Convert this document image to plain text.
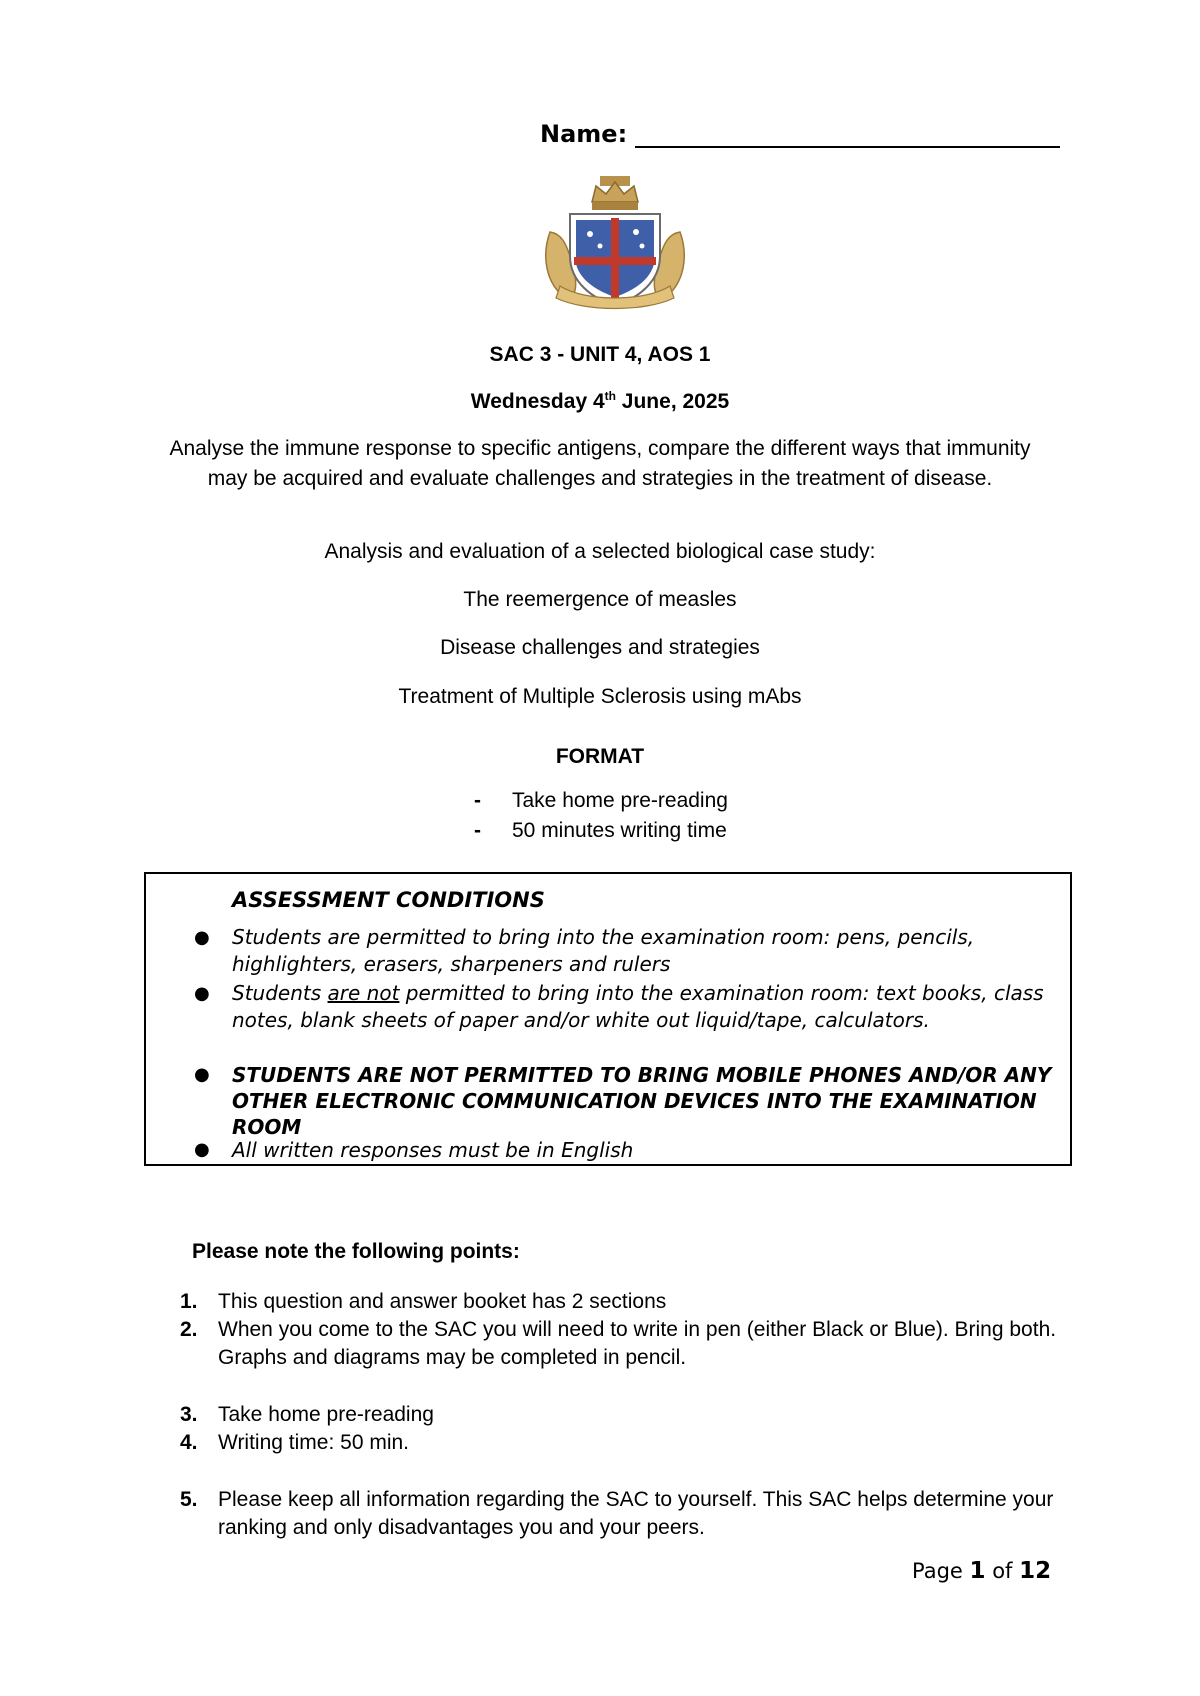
Name:
SAC 3 - UNIT 4, AOS 1
Wednesday 4th June, 2025
Analyse the immune response to specific antigens, compare the different ways that immunity may be acquired and evaluate challenges and strategies in the treatment of disease.
Analysis and evaluation of a selected biological case study:
The reemergence of measles
Disease challenges and strategies
Treatment of Multiple Sclerosis using mAbs
FORMAT
-	Take home pre-reading
-	50 minutes writing time
ASSESSMENT CONDITIONS
● Students are permitted to bring into the examination room: pens, pencils, highlighters, erasers, sharpeners and rulers
● Students are not permitted to bring into the examination room: text books, class notes, blank sheets of paper and/or white out liquid/tape, calculators.
● STUDENTS ARE NOT PERMITTED TO BRING MOBILE PHONES AND/OR ANY OTHER ELECTRONIC COMMUNICATION DEVICES INTO THE EXAMINATION ROOM
● All written responses must be in English
Please note the following points:
1. This question and answer booket has 2 sections
2. When you come to the SAC you will need to write in pen (either Black or Blue). Bring both. Graphs and diagrams may be completed in pencil.
3. Take home pre-reading
4. Writing time: 50 min.
5. Please keep all information regarding the SAC to yourself. This SAC helps determine your ranking and only disadvantages you and your peers.
Page 1 of 12
